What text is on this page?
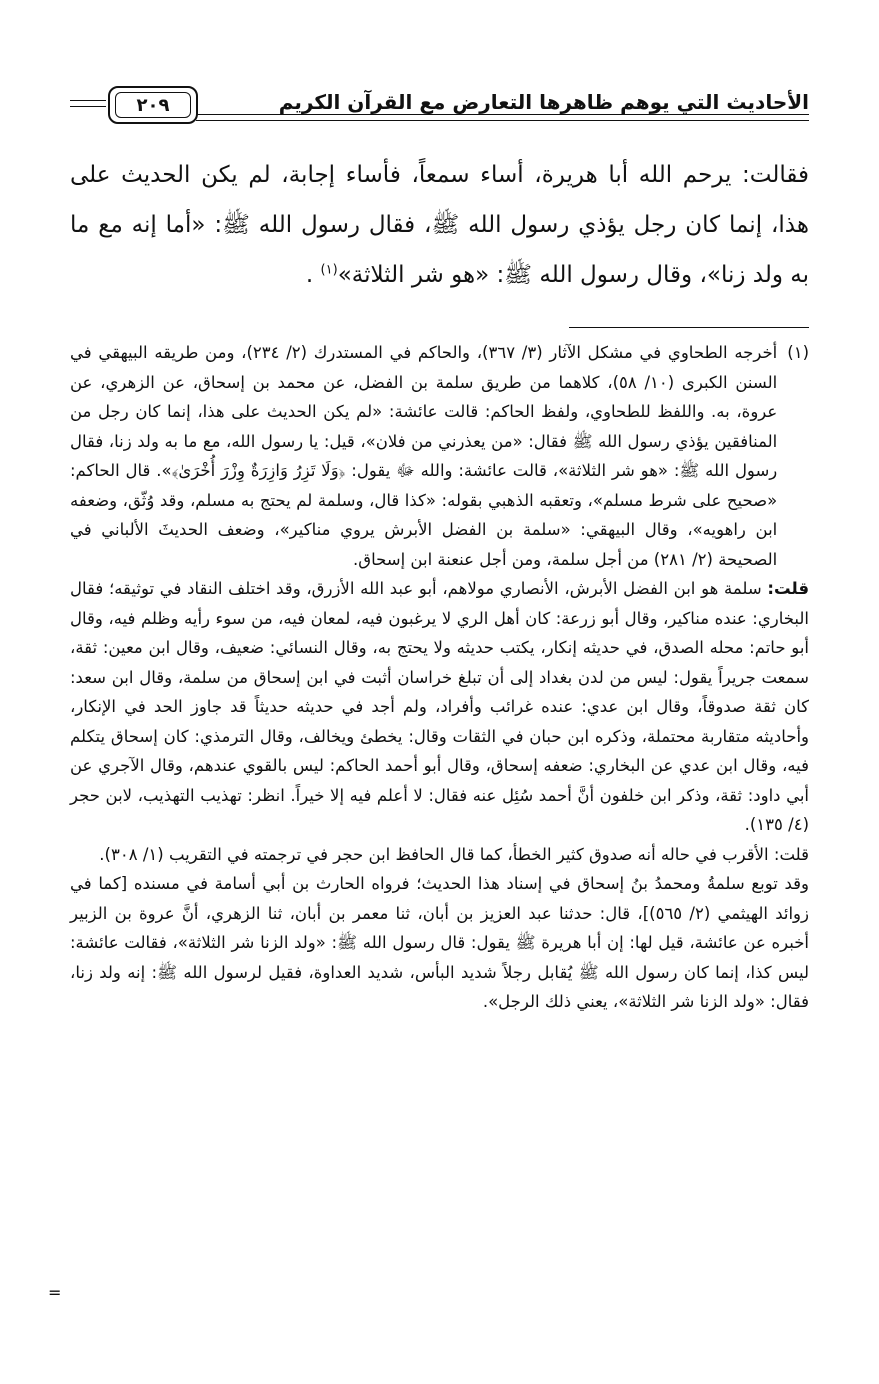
الأحاديث التي يوهم ظاهرها التعارض مع القرآن الكريم
٢٠٩
فقالت: يرحم الله أبا هريرة، أساء سمعاً، فأساء إجابة، لم يكن الحديث على هذا، إنما كان رجل يؤذي رسول الله ﷺ، فقال رسول الله ﷺ: «أما إنه مع ما به ولد زنا»، وقال رسول الله ﷺ: «هو شر الثلاثة»$^{(١)}$ .
(١)
أخرجه الطحاوي في مشكل الآثار (٣/ ٣٦٧)، والحاكم في المستدرك (٢/ ٢٣٤)، ومن طريقه البيهقي في السنن الكبرى (١٠/ ٥٨)، كلاهما من طريق سلمة بن الفضل، عن محمد بن إسحاق، عن الزهري، عن عروة، به. واللفظ للطحاوي، ولفظ الحاكم: قالت عائشة: «لم يكن الحديث على هذا، إنما كان رجل من المنافقين يؤذي رسول الله ﷺ فقال: «من يعذرني من فلان»، قيل: يا رسول الله، مع ما به ولد زنا، فقال رسول الله ﷺ: «هو شر الثلاثة»، قالت عائشة: والله ﷻ يقول: ﴿وَلَا تَزِرُ وَازِرَةٌ وِزْرَ أُخْرَىٰ﴾». قال الحاكم: «صحيح على شرط مسلم»، وتعقبه الذهبي بقوله: «كذا قال، وسلمة لم يحتج به مسلم، وقد وُثّق، وضعفه ابن راهويه»، وقال البيهقي: «سلمة بن الفضل الأبرش يروي مناكير»، وضعف الحديثَ الألباني في الصحيحة (٢/ ٢٨١) من أجل سلمة، ومن أجل عنعنة ابن إسحاق.

قلت: سلمة هو ابن الفضل الأبرش، الأنصاري مولاهم، أبو عبد الله الأزرق، وقد اختلف النقاد في توثيقه؛ فقال البخاري: عنده مناكير، وقال أبو زرعة: كان أهل الري لا يرغبون فيه، لمعان فيه، من سوء رأيه وظلم فيه، وقال أبو حاتم: محله الصدق، في حديثه إنكار، يكتب حديثه ولا يحتج به، وقال النسائي: ضعيف، وقال ابن معين: ثقة، سمعت جريراً يقول: ليس من لدن بغداد إلى أن تبلغ خراسان أثبت في ابن إسحاق من سلمة، وقال ابن سعد: كان ثقة صدوقاً، وقال ابن عدي: عنده غرائب وأفراد، ولم أجد في حديثه حديثاً قد جاوز الحد في الإنكار، وأحاديثه متقاربة محتملة، وذكره ابن حبان في الثقات وقال: يخطئ ويخالف، وقال الترمذي: كان إسحاق يتكلم فيه، وقال ابن عدي عن البخاري: ضعفه إسحاق، وقال أبو أحمد الحاكم: ليس بالقوي عندهم، وقال الآجري عن أبي داود: ثقة، وذكر ابن خلفون أنَّ أحمد سُئِل عنه فقال: لا أعلم فيه إلا خيراً. انظر: تهذيب التهذيب، لابن حجر (٤/ ١٣٥).

قلت: الأقرب في حاله أنه صدوق كثير الخطأ، كما قال الحافظ ابن حجر في ترجمته في التقريب (١/ ٣٠٨).

وقد توبع سلمةُ ومحمدُ بنُ إسحاق في إسناد هذا الحديث؛ فرواه الحارث بن أبي أسامة في مسنده [كما في زوائد الهيثمي (٢/ ٥٦٥)]، قال: حدثنا عبد العزيز بن أبان، ثنا معمر بن أبان، ثنا الزهري، أنَّ عروة بن الزبير أخبره عن عائشة، قيل لها: إن أبا هريرة ﷺ يقول: قال رسول الله ﷺ: «ولد الزنا شر الثلاثة»، فقالت عائشة: ليس كذا، إنما كان رسول الله ﷺ يُقابل رجلاً شديد البأس، شديد العداوة، فقيل لرسول الله ﷺ: إنه ولد زنا، فقال: «ولد الزنا شر الثلاثة»، يعني ذلك الرجل».

=
